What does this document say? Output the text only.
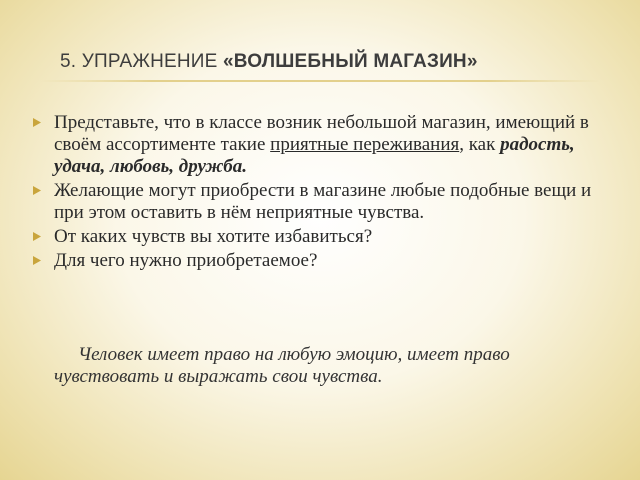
5. УПРАЖНЕНИЕ «ВОЛШЕБНЫЙ МАГАЗИН»
Представьте, что в классе возник небольшой магазин, имеющий в своём ассортименте такие приятные переживания, как радость, удача, любовь, дружба.
Желающие могут приобрести в магазине любые подобные вещи и при этом оставить в нём неприятные чувства.
От каких чувств вы хотите избавиться?
Для чего нужно приобретаемое?
Человек имеет право на любую эмоцию, имеет право чувствовать и выражать свои чувства.
